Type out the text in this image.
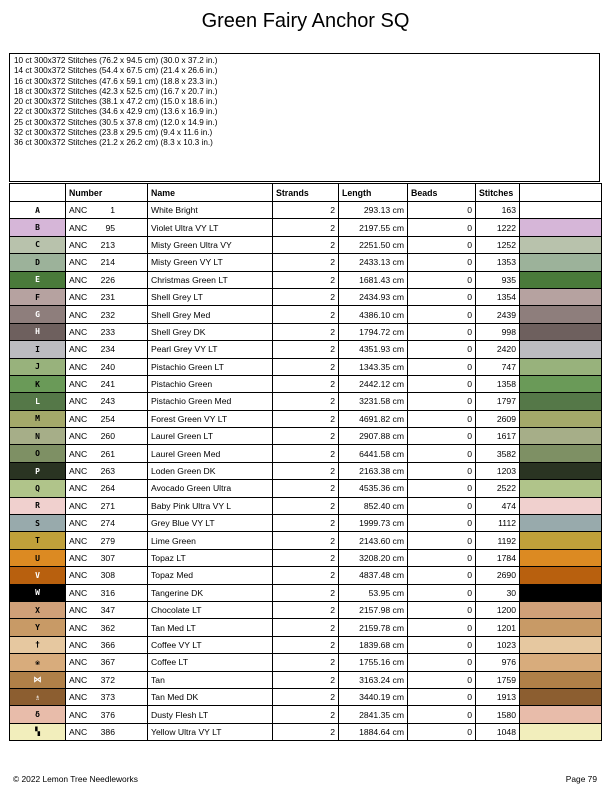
Green Fairy Anchor SQ
10 ct 300x372 Stitches (76.2 x 94.5 cm) (30.0 x 37.2 in.)
14 ct 300x372 Stitches (54.4 x 67.5 cm) (21.4 x 26.6 in.)
16 ct 300x372 Stitches (47.6 x 59.1 cm) (18.8 x 23.3 in.)
18 ct 300x372 Stitches (42.3 x 52.5 cm) (16.7 x 20.7 in.)
20 ct 300x372 Stitches (38.1 x 47.2 cm) (15.0 x 18.6 in.)
22 ct 300x372 Stitches (34.6 x 42.9 cm) (13.6 x 16.9 in.)
25 ct 300x372 Stitches (30.5 x 37.8 cm) (12.0 x 14.9 in.)
32 ct 300x372 Stitches (23.8 x 29.5 cm) (9.4 x 11.6 in.)
36 ct 300x372 Stitches (21.2 x 26.2 cm) (8.3 x 10.3 in.)
	Number	Name	Strands	Length	Beads	Stitches	
A	ANC 1	White Bright	2	293.13 cm	0	163	
B	ANC 95	Violet Ultra VY LT	2	2197.55 cm	0	1222	
C	ANC 213	Misty Green Ultra VY	2	2251.50 cm	0	1252	
D	ANC 214	Misty Green VY LT	2	2433.13 cm	0	1353	
E	ANC 226	Christmas Green LT	2	1681.43 cm	0	935	
F	ANC 231	Shell Grey LT	2	2434.93 cm	0	1354	
G	ANC 232	Shell Grey Med	2	4386.10 cm	0	2439	
H	ANC 233	Shell Grey DK	2	1794.72 cm	0	998	
I	ANC 234	Pearl Grey VY LT	2	4351.93 cm	0	2420	
J	ANC 240	Pistachio Green LT	2	1343.35 cm	0	747	
K	ANC 241	Pistachio Green	2	2442.12 cm	0	1358	
L	ANC 243	Pistachio Green Med	2	3231.58 cm	0	1797	
M	ANC 254	Forest Green VY LT	2	4691.82 cm	0	2609	
N	ANC 260	Laurel Green LT	2	2907.88 cm	0	1617	
O	ANC 261	Laurel Green Med	2	6441.58 cm	0	3582	
P	ANC 263	Loden Green DK	2	2163.38 cm	0	1203	
Q	ANC 264	Avocado Green Ultra	2	4535.36 cm	0	2522	
R	ANC 271	Baby Pink Ultra VY L	2	852.40 cm	0	474	
S	ANC 274	Grey Blue VY LT	2	1999.73 cm	0	1112	
T	ANC 279	Lime Green	2	2143.60 cm	0	1192	
U	ANC 307	Topaz LT	2	3208.20 cm	0	1784	
V	ANC 308	Topaz Med	2	4837.48 cm	0	2690	
W	ANC 316	Tangerine DK	2	53.95 cm	0	30	
X	ANC 347	Chocolate LT	2	2157.98 cm	0	1200	
Y	ANC 362	Tan Med LT	2	2159.78 cm	0	1201	
†	ANC 366	Coffee VY LT	2	1839.68 cm	0	1023	
❀	ANC 367	Coffee LT	2	1755.16 cm	0	976	
⋈	ANC 372	Tan	2	3163.24 cm	0	1759	
♗	ANC 373	Tan Med DK	2	3440.19 cm	0	1913	
δ	ANC 376	Dusty Flesh LT	2	2841.35 cm	0	1580	
▚	ANC 386	Yellow Ultra VY LT	2	1884.64 cm	0	1048	
© 2022 Lemon Tree Needleworks	Page 79
